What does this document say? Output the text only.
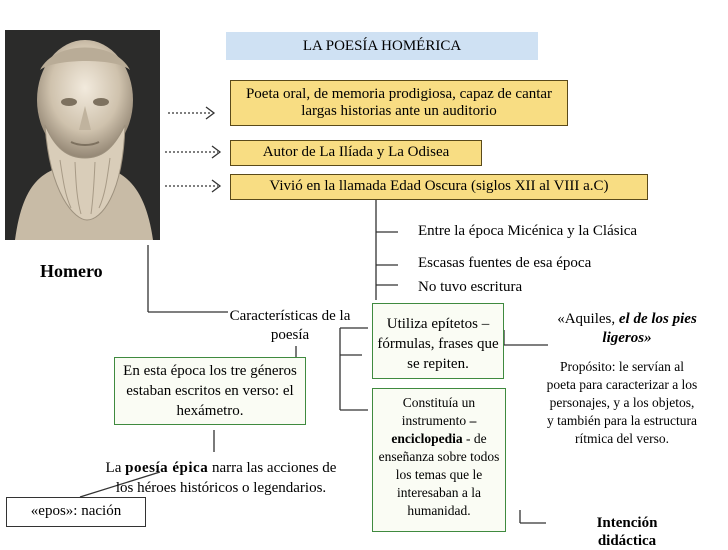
Homero
LA POESÍA HOMÉRICA
Poeta oral, de memoria prodigiosa, capaz de cantar largas historias ante un auditorio
Autor de La Ilíada y La Odisea
Vivió en la llamada Edad Oscura (siglos XII al VIII a.C)
Entre la época Micénica y la Clásica
Escasas fuentes de esa época
No tuvo escritura
Características de la poesía
Utiliza epítetos – fórmulas, frases que se repiten.
«Aquiles, el de los pies ligeros»
Propósito: le servían al poeta para caracterizar a los personajes, y a los objetos, y también para la estructura rítmica del verso.
En esta época los tre géneros estaban escritos en verso: el hexámetro.
Constituía un instrumento –enciclopedia - de enseñanza sobre todos los temas que le interesaban a la humanidad.
La poesía épica narra las acciones de los héroes históricos o legendarios.
«epos»: nación
Intención didáctica
